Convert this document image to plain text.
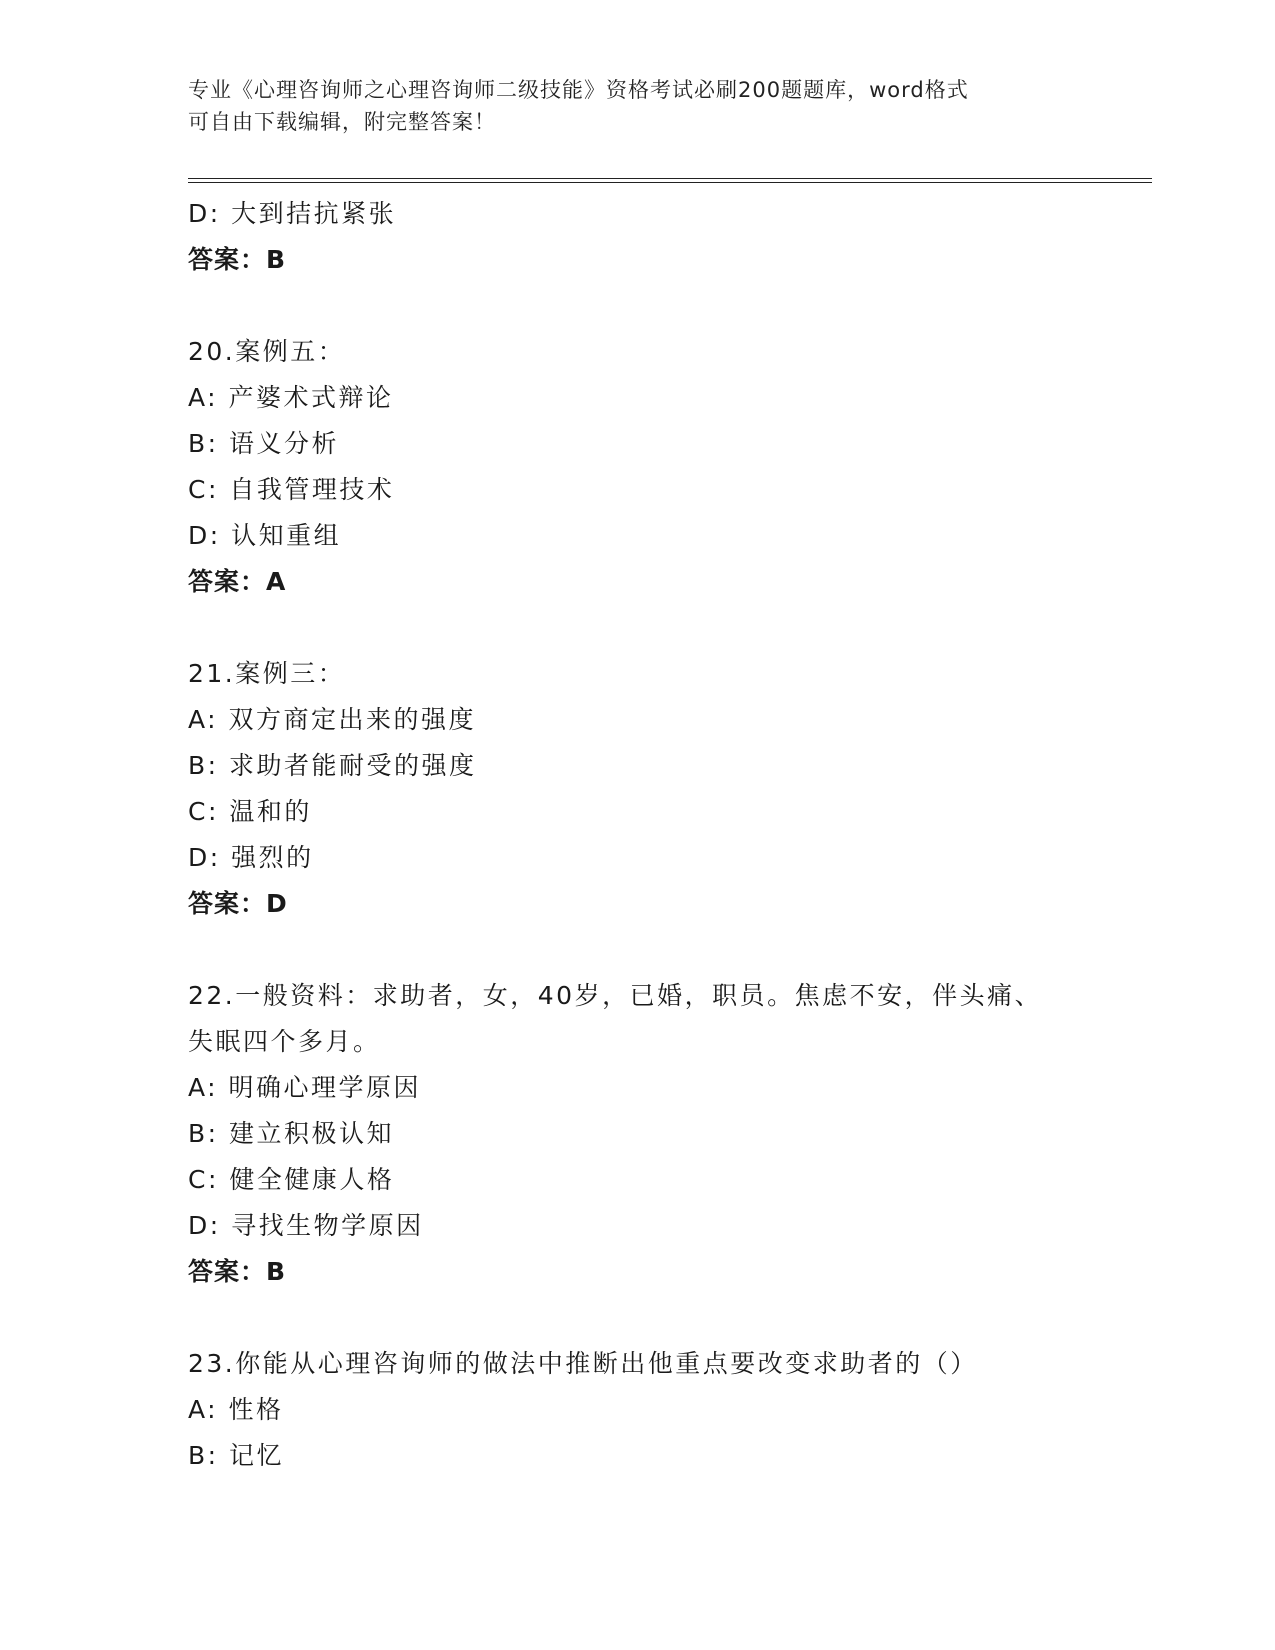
专业《心理咨询师之心理咨询师二级技能》资格考试必刷200题题库，word格式
可自由下载编辑，附完整答案！
D: 大到拮抗紧张
答案：B
20.案例五：
A: 产婆术式辩论
B: 语义分析
C: 自我管理技术
D: 认知重组
答案：A
21.案例三：
A: 双方商定出来的强度
B: 求助者能耐受的强度
C: 温和的
D: 强烈的
答案：D
22.一般资料：求助者，女，40岁，已婚，职员。焦虑不安，伴头痛、
失眠四个多月。
A: 明确心理学原因
B: 建立积极认知
C: 健全健康人格
D: 寻找生物学原因
答案：B
23.你能从心理咨询师的做法中推断出他重点要改变求助者的（）
A: 性格
B: 记忆
